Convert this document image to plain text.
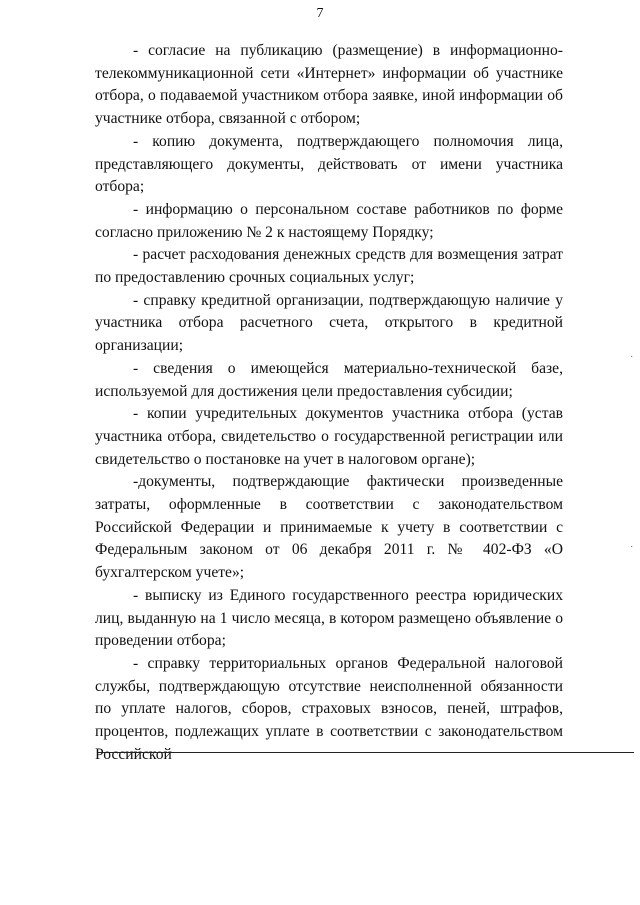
7

- согласие на публикацию (размещение) в информационно-телекоммуникационной сети «Интернет» информации об участнике отбора, о подаваемой участником отбора заявке, иной информации об участнике отбора, связанной с отбором;

- копию документа, подтверждающего полномочия лица, представляющего документы, действовать от имени участника отбора;

- информацию о персональном составе работников по форме согласно приложению № 2 к настоящему Порядку;

- расчет расходования денежных средств для возмещения затрат по предоставлению срочных социальных услуг;

- справку кредитной организации, подтверждающую наличие у участника отбора расчетного счета, открытого в кредитной организации;

- сведения о имеющейся материально-технической базе, используемой для достижения цели предоставления субсидии;

- копии учредительных документов участника отбора (устав участника отбора, свидетельство о государственной регистрации или свидетельство о постановке на учет в налоговом органе);

-документы, подтверждающие фактически произведенные затраты, оформленные в соответствии с законодательством Российской Федерации и принимаемые к учету в соответствии с Федеральным законом от 06 декабря 2011 г. № 402-ФЗ «О бухгалтерском учете»;

- выписку из Единого государственного реестра юридических лиц, выданную на 1 число месяца, в котором размещено объявление о проведении отбора;

- справку территориальных органов Федеральной налоговой службы, подтверждающую отсутствие неисполненной обязанности по уплате налогов, сборов, страховых взносов, пеней, штрафов, процентов, подлежащих уплате в соответствии с законодательством Российской

˙
˙
